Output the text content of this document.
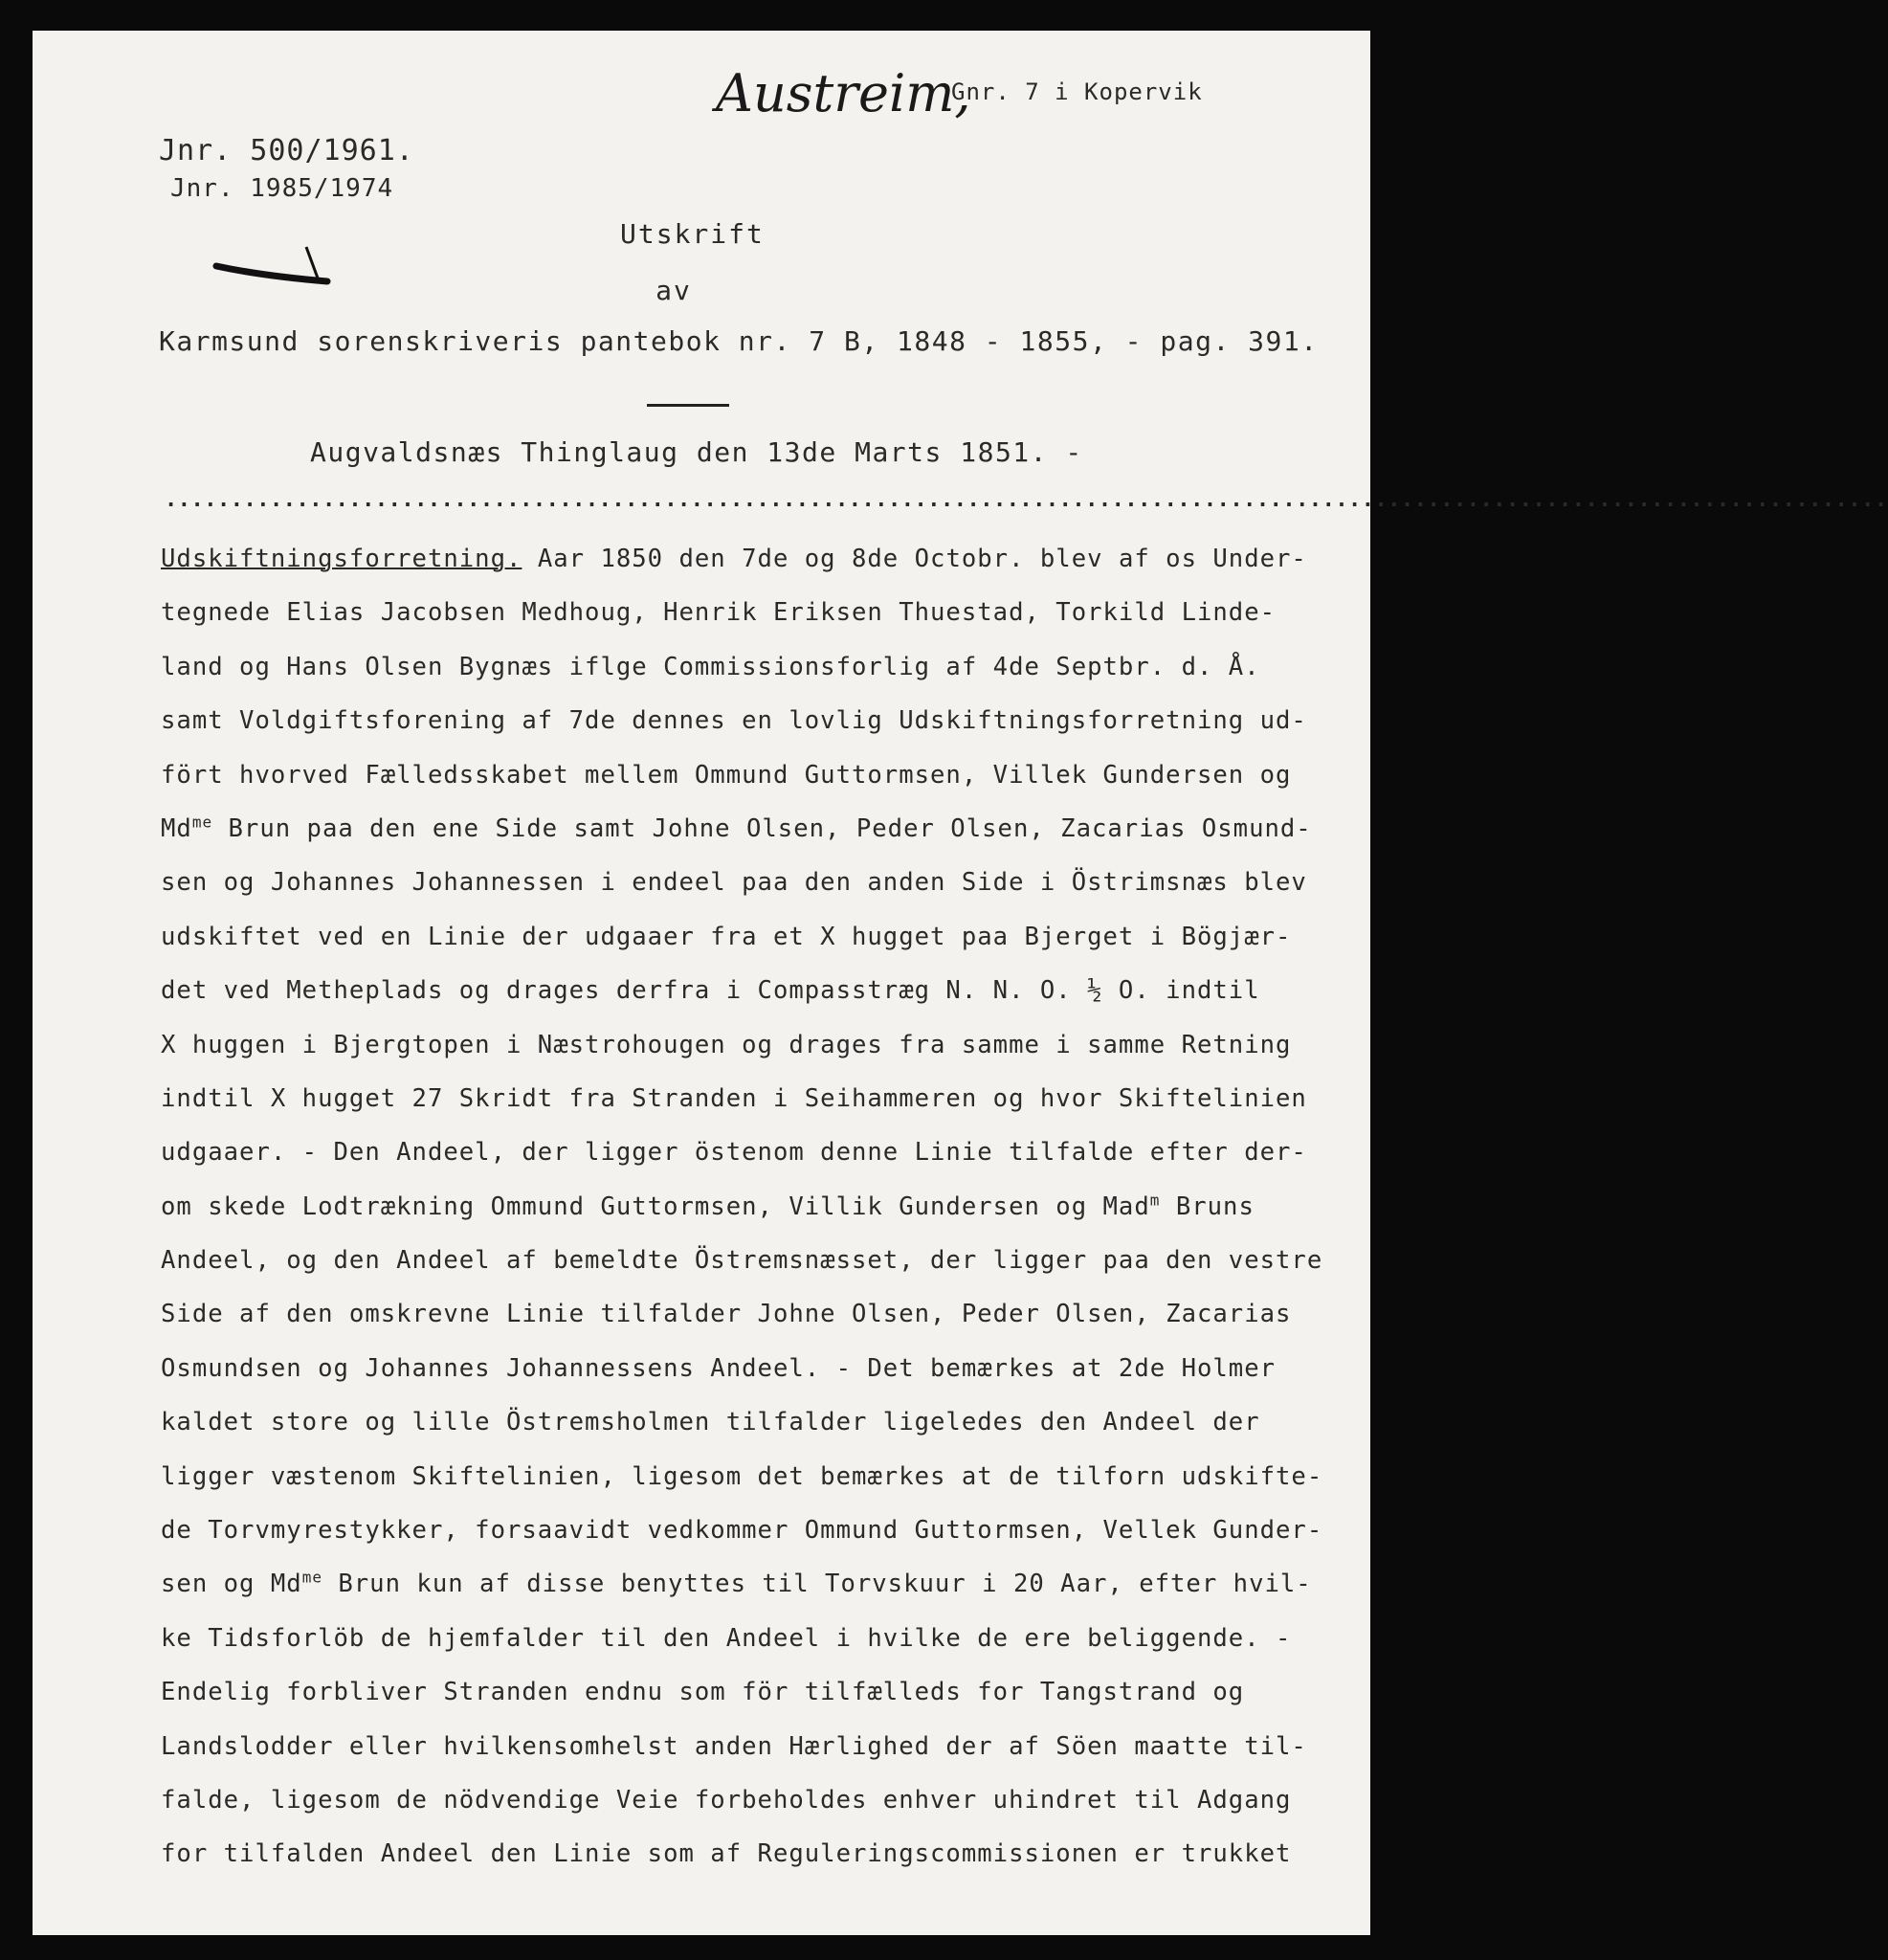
Austreim,
Gnr. 7 i Kopervik
Jnr. 500/1961.
Jnr. 1985/1974
Utskrift
av
Karmsund sorenskriveris pantebok nr. 7 B, 1848 - 1855, - pag. 391.
Augvaldsnæs Thinglaug den 13de Marts 1851. -
...................................................................................................................................
Udskiftningsforretning. Aar 1850 den 7de og 8de Octobr. blev af os Under-
tegnede Elias Jacobsen Medhoug, Henrik Eriksen Thuestad, Torkild Linde-
land og Hans Olsen Bygnæs iflge Commissionsforlig af 4de Septbr. d. Å.
samt Voldgiftsforening af 7de dennes en lovlig Udskiftningsforretning ud-
fört hvorved Fælledsskabet mellem Ommund Guttormsen, Villek Gundersen og
$Md^{me}$ Brun paa den ene Side samt Johne Olsen, Peder Olsen, Zacarias Osmund-
sen og Johannes Johannessen i endeel paa den anden Side i Östrimsnæs blev
udskiftet ved en Linie der udgaaer fra et X hugget paa Bjerget i Bögjær-
det ved Metheplads og drages derfra i Compasstræg N. N. O. ½ O. indtil
X huggen i Bjergtopen i Næstrohougen og drages fra samme i samme Retning
indtil X hugget 27 Skridt fra Stranden i Seihammeren og hvor Skiftelinien
udgaaer. - Den Andeel, der ligger östenom denne Linie tilfalde efter der-
om skede Lodtrækning Ommund Guttormsen, Villik Gundersen og Mad$^m$ Bruns
Andeel, og den Andeel af bemeldte Östremsnæsset, der ligger paa den vestre
Side af den omskrevne Linie tilfalder Johne Olsen, Peder Olsen, Zacarias
Osmundsen og Johannes Johannessens Andeel. - Det bemærkes at 2de Holmer
kaldet store og lille Östremsholmen tilfalder ligeledes den Andeel der
ligger væstenom Skiftelinien, ligesom det bemærkes at de tilforn udskifte-
de Torvmyrestykker, forsaavidt vedkommer Ommund Guttormsen, Vellek Gunder-
sen og $Md^{me}$ Brun kun af disse benyttes til Torvskuur i 20 Aar, efter hvil-
ke Tidsforlöb de hjemfalder til den Andeel i hvilke de ere beliggende. -
Endelig forbliver Stranden endnu som för tilfælleds for Tangstrand og
Landslodder eller hvilkensomhelst anden Hærlighed der af Söen maatte til-
falde, ligesom de nödvendige Veie forbeholdes enhver uhindret til Adgang
for tilfalden Andeel den Linie som af Reguleringscommissionen er trukket
